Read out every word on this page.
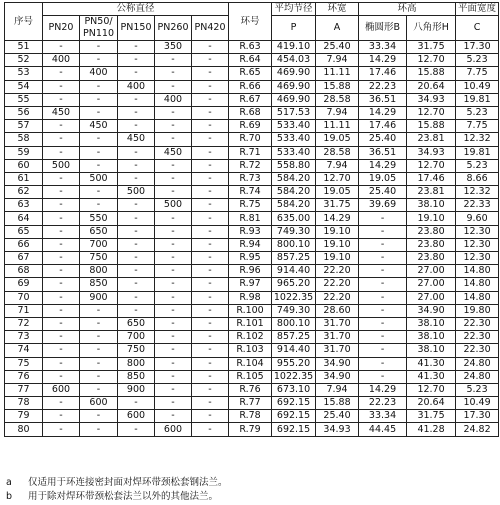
序号	公称直径					环号	平均节径	环宽	环高		平面宽度
	PN20	PN50/
PN110	PN150	PN260	PN420		P	A	椭圆形B	八角形H	C
51	-	-	-	350	-	R.63	419.10	25.40	33.34	31.75	17.30
52	400	-	-	-	-	R.64	454.03	7.94	14.29	12.70	5.23
53	-	400	-	-	-	R.65	469.90	11.11	17.46	15.88	7.75
54	-	-	400	-	-	R.66	469.90	15.88	22.23	20.64	10.49
55	-	-	-	400	-	R.67	469.90	28.58	36.51	34.93	19.81
56	450	-	-	-	-	R.68	517.53	7.94	14.29	12.70	5.23
57	-	450	-	-	-	R.69	533.40	11.11	17.46	15.88	7.75
58	-	-	450	-	-	R.70	533.40	19.05	25.40	23.81	12.32
59	-	-	-	450	-	R.71	533.40	28.58	36.51	34.93	19.81
60	500	-	-	-	-	R.72	558.80	7.94	14.29	12.70	5.23
61	-	500	-	-	-	R.73	584.20	12.70	19.05	17.46	8.66
62	-	-	500	-	-	R.74	584.20	19.05	25.40	23.81	12.32
63	-	-	-	500	-	R.75	584.20	31.75	39.69	38.10	22.33
64	-	550	-	-	-	R.81	635.00	14.29	-	19.10	9.60
65	-	650	-	-	-	R.93	749.30	19.10	-	23.80	12.30
66	-	700	-	-	-	R.94	800.10	19.10	-	23.80	12.30
67	-	750	-	-	-	R.95	857.25	19.10	-	23.80	12.30
68	-	800	-	-	-	R.96	914.40	22.20	-	27.00	14.80
69	-	850	-	-	-	R.97	965.20	22.20	-	27.00	14.80
70	-	900	-	-	-	R.98	1022.35	22.20	-	27.00	14.80
71	-	-	-	-	-	R.100	749.30	28.60	-	34.90	19.80
72	-	-	650	-	-	R.101	800.10	31.70	-	38.10	22.30
73	-	-	700	-	-	R.102	857.25	31.70	-	38.10	22.30
74	-	-	750	-	-	R.103	914.40	31.70	-	38.10	22.30
75	-	-	800	-	-	R.104	955.20	34.90	-	41.30	24.80
76	-	-	850	-	-	R.105	1022.35	34.90	-	41.30	24.80
77	600	-	900	-	-	R.76	673.10	7.94	14.29	12.70	5.23
78	-	600	-	-	-	R.77	692.15	15.88	22.23	20.64	10.49
79	-	-	600	-	-	R.78	692.15	25.40	33.34	31.75	17.30
80	-	-	-	600	-	R.79	692.15	34.93	44.45	41.28	24.82
a	仅适用于环连接密封面对焊环带颈松套钢法兰。
b	用于除对焊环带颈松套法兰以外的其他法兰。
